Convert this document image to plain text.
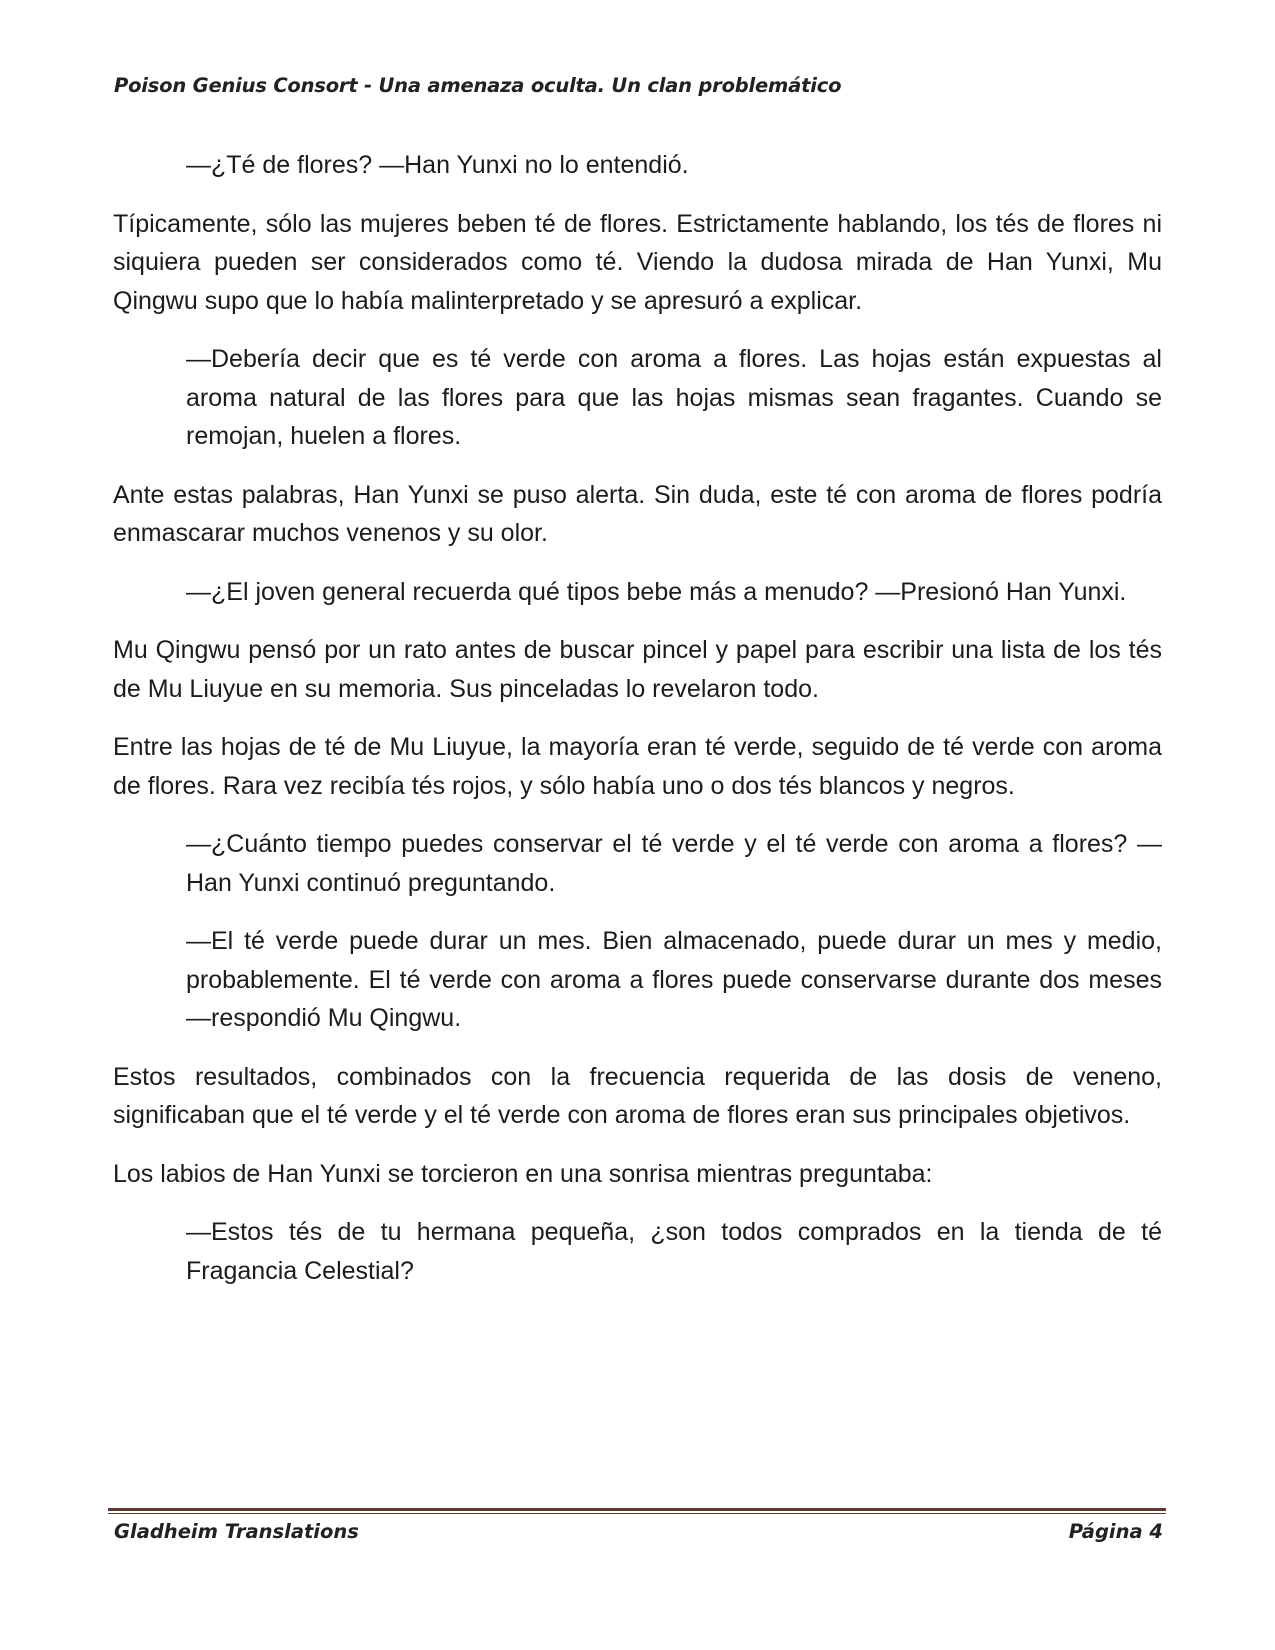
Poison Genius Consort - Una amenaza oculta. Un clan problemático

—¿Té de flores? —Han Yunxi no lo entendió.

Típicamente, sólo las mujeres beben té de flores. Estrictamente hablando, los tés de flores ni siquiera pueden ser considerados como té. Viendo la dudosa mirada de Han Yunxi, Mu Qingwu supo que lo había malinterpretado y se apresuró a explicar.

—Debería decir que es té verde con aroma a flores. Las hojas están expuestas al aroma natural de las flores para que las hojas mismas sean fragantes. Cuando se remojan, huelen a flores.

Ante estas palabras, Han Yunxi se puso alerta. Sin duda, este té con aroma de flores podría enmascarar muchos venenos y su olor.

—¿El joven general recuerda qué tipos bebe más a menudo? —Presionó Han Yunxi.

Mu Qingwu pensó por un rato antes de buscar pincel y papel para escribir una lista de los tés de Mu Liuyue en su memoria. Sus pinceladas lo revelaron todo.

Entre las hojas de té de Mu Liuyue, la mayoría eran té verde, seguido de té verde con aroma de flores. Rara vez recibía tés rojos, y sólo había uno o dos tés blancos y negros.

—¿Cuánto tiempo puedes conservar el té verde y el té verde con aroma a flores? —Han Yunxi continuó preguntando.

—El té verde puede durar un mes. Bien almacenado, puede durar un mes y medio, probablemente. El té verde con aroma a flores puede conservarse durante dos meses —respondió Mu Qingwu.

Estos resultados, combinados con la frecuencia requerida de las dosis de veneno, significaban que el té verde y el té verde con aroma de flores eran sus principales objetivos.

Los labios de Han Yunxi se torcieron en una sonrisa mientras preguntaba:

—Estos tés de tu hermana pequeña, ¿son todos comprados en la tienda de té Fragancia Celestial?

Gladheim Translations	Página 4
